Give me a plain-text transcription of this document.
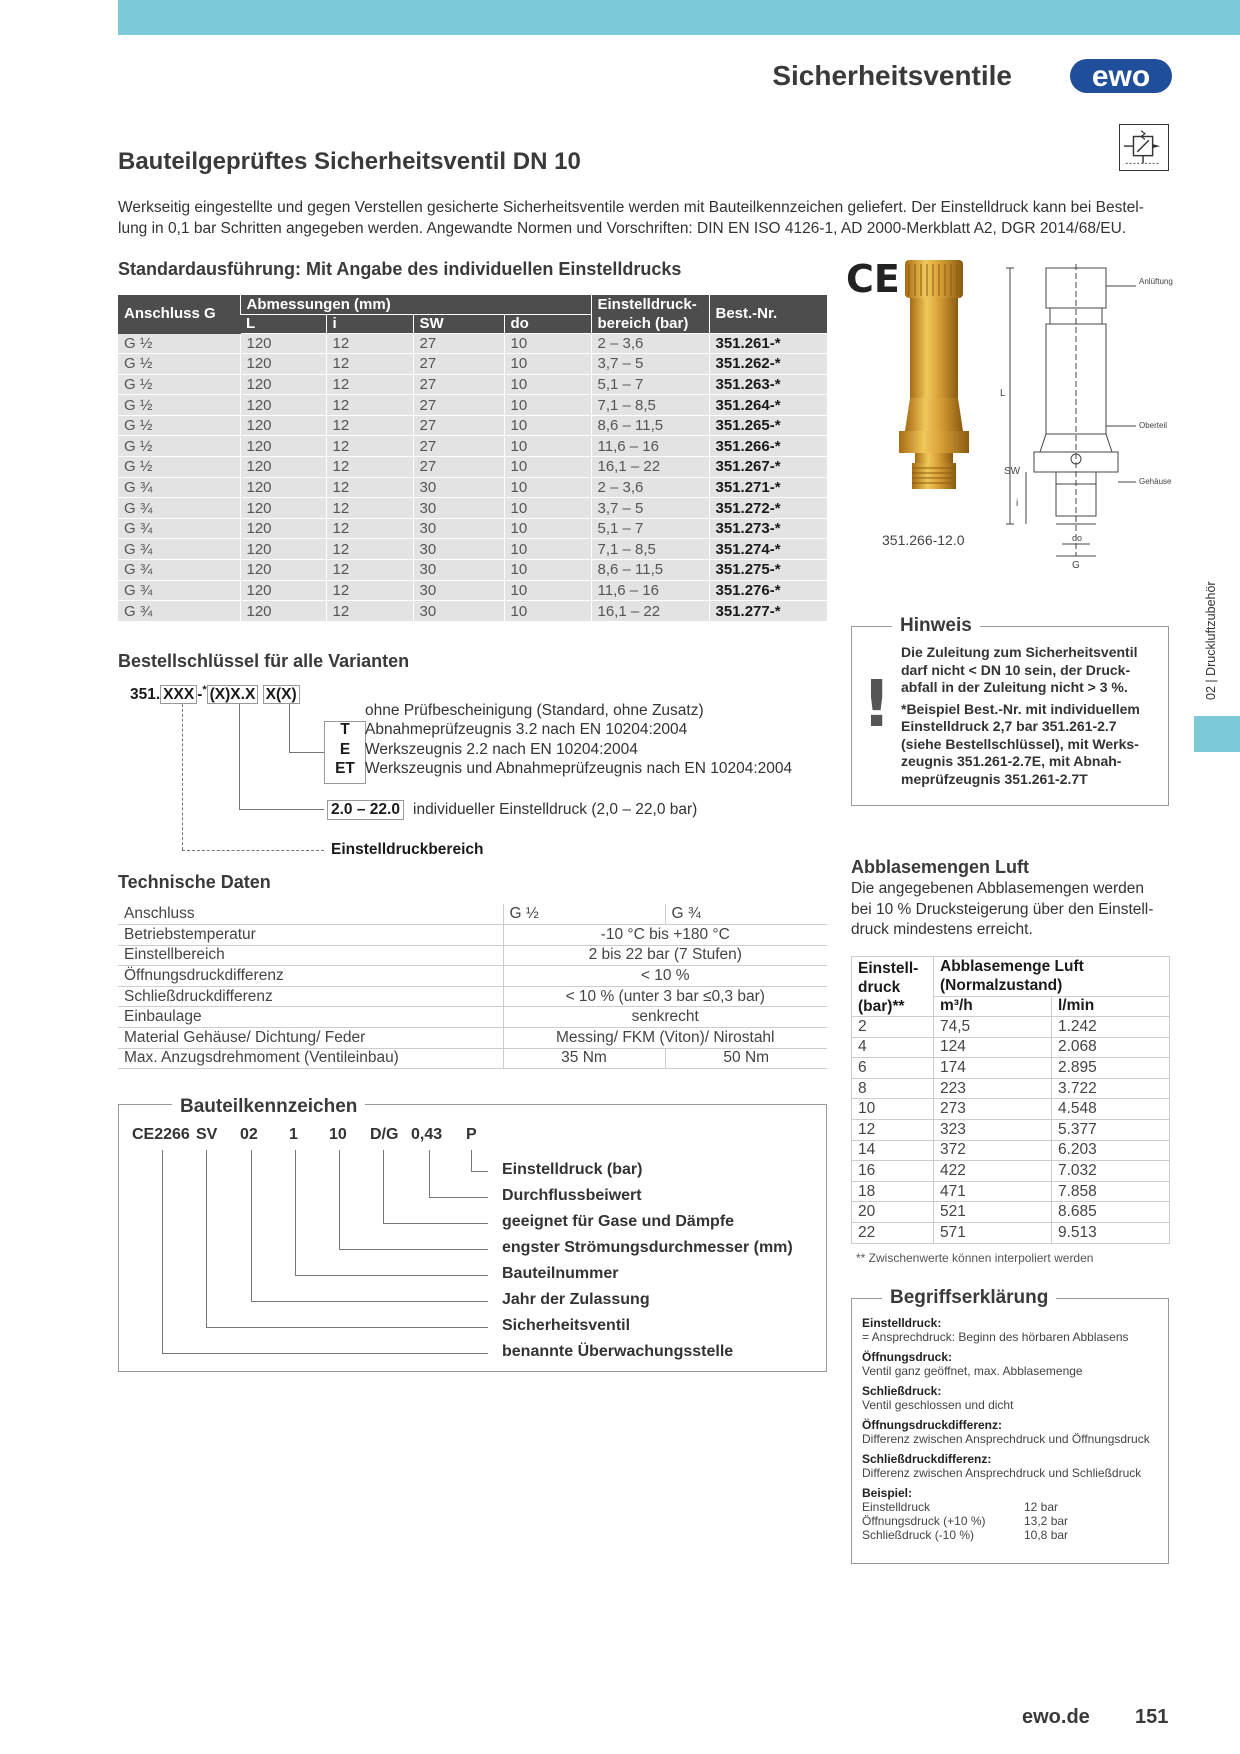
Sicherheitsventile	ewo
Bauteilgeprüftes Sicherheitsventil DN 10
Werkseitig eingestellte und gegen Verstellen gesicherte Sicherheitsventile werden mit Bauteilkennzeichen geliefert. Der Einstelldruck kann bei Bestel-
lung in 0,1 bar Schritten angegeben werden. Angewandte Normen und Vorschriften: DIN EN ISO 4126-1, AD 2000-Merkblatt A2, DGR 2014/68/EU.
Standardausführung: Mit Angabe des individuellen Einstelldrucks
Anschluss G	Abmessungen (mm)				Einstelldruck-	Best.-Nr.
	L	i	SW	do	bereich (bar)	
G ½	120	12	27	10	2 – 3,6	351.261-*
G ½	120	12	27	10	3,7 – 5	351.262-*
G ½	120	12	27	10	5,1 – 7	351.263-*
G ½	120	12	27	10	7,1 – 8,5	351.264-*
G ½	120	12	27	10	8,6 – 11,5	351.265-*
G ½	120	12	27	10	11,6 – 16	351.266-*
G ½	120	12	27	10	16,1 – 22	351.267-*
G ¾	120	12	30	10	2 – 3,6	351.271-*
G ¾	120	12	30	10	3,7 – 5	351.272-*
G ¾	120	12	30	10	5,1 – 7	351.273-*
G ¾	120	12	30	10	7,1 – 8,5	351.274-*
G ¾	120	12	30	10	8,6 – 11,5	351.275-*
G ¾	120	12	30	10	11,6 – 16	351.276-*
G ¾	120	12	30	10	16,1 – 22	351.277-*
351.266-12.0
CE
L
i
SW
do
G
Anlüftung
Oberteil
Gehäuse
Bestellschlüssel für alle Varianten
351. XXX -* (X)X.X X(X)
ohne Prüfbescheinigung (Standard, ohne Zusatz)
T Abnahmeprüfzeugnis 3.2 nach EN 10204:2004
E Werkszeugnis 2.2 nach EN 10204:2004
ET Werkszeugnis und Abnahmeprüfzeugnis nach EN 10204:2004
2.0 – 22.0 individueller Einstelldruck (2,0 – 22,0 bar)
Einstelldruckbereich
Technische Daten
Anschluss	G ½	G ¾
Betriebstemperatur	-10 °C bis +180 °C	
Einstellbereich	2 bis 22 bar (7 Stufen)	
Öffnungsdruckdifferenz	< 10 %	
Schließdruckdifferenz	< 10 % (unter 3 bar ≤0,3 bar)	
Einbaulage	senkrecht	
Material Gehäuse/ Dichtung/ Feder	Messing/ FKM (Viton)/ Nirostahl	
Max. Anzugsdrehmoment (Ventileinbau)	35 Nm	50 Nm
Bauteilkennzeichen
CE2266 SV 02 1 10 D/G 0,43 P
Einstelldruck (bar)
Durchflussbeiwert
geeignet für Gase und Dämpfe
engster Strömungsdurchmesser (mm)
Bauteilnummer
Jahr der Zulassung
Sicherheitsventil
benannte Überwachungsstelle
Hinweis
!
Die Zuleitung zum Sicherheitsventil
darf nicht < DN 10 sein, der Druck-
abfall in der Zuleitung nicht > 3 %.
*Beispiel Best.-Nr. mit individuellem
Einstelldruck 2,7 bar 351.261-2.7
(siehe Bestellschlüssel), mit Werks-
zeugnis 351.261-2.7E, mit Abnah-
meprüfzeugnis 351.261-2.7T
02 | Druckluftzubehör
Abblasemengen Luft
Die angegebenen Abblasemengen werden
bei 10 % Drucksteigerung über den Einstell-
druck mindestens erreicht.
Einstell-
druck
(bar)**	Abblasemenge Luft	
	(Normalzustand)	
	m³/h	l/min
2	74,5	1.242
4	124	2.068
6	174	2.895
8	223	3.722
10	273	4.548
12	323	5.377
14	372	6.203
16	422	7.032
18	471	7.858
20	521	8.685
22	571	9.513
** Zwischenwerte können interpoliert werden
Begriffserklärung
Einstelldruck:
= Ansprechdruck: Beginn des hörbaren Abblasens
Öffnungsdruck:
Ventil ganz geöffnet, max. Abblasemenge
Schließdruck:
Ventil geschlossen und dicht
Öffnungsdruckdifferenz:
Differenz zwischen Ansprechdruck und Öffnungsdruck
Schließdruckdifferenz:
Differenz zwischen Ansprechdruck und Schließdruck
Beispiel:
Einstelldruck	12 bar
Öffnungsdruck (+10 %)	13,2 bar
Schließdruck (-10 %)	10,8 bar
ewo.de 151
